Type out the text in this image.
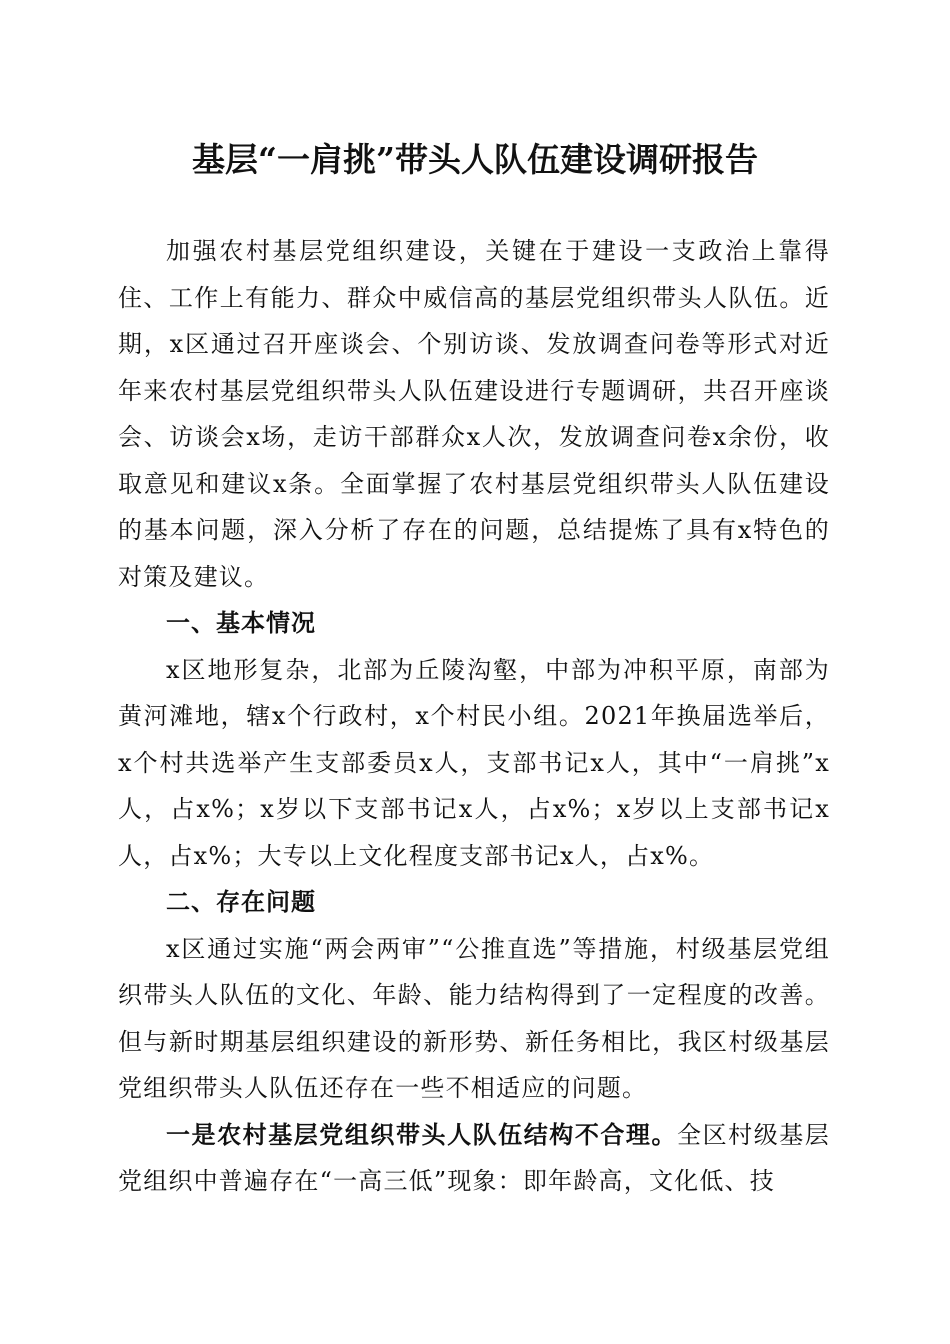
基层“一肩挑”带头人队伍建设调研报告

加强农村基层党组织建设，关键在于建设一支政治上靠得住、工作上有能力、群众中威信高的基层党组织带头人队伍。近期，x区通过召开座谈会、个别访谈、发放调查问卷等形式对近年来农村基层党组织带头人队伍建设进行专题调研，共召开座谈会、访谈会x场，走访干部群众x人次，发放调查问卷x余份，收取意见和建议x条。全面掌握了农村基层党组织带头人队伍建设的基本问题，深入分析了存在的问题，总结提炼了具有x特色的对策及建议。

一、基本情况

x区地形复杂，北部为丘陵沟壑，中部为冲积平原，南部为黄河滩地，辖x个行政村，x个村民小组。2021年换届选举后，x个村共选举产生支部委员x人，支部书记x人，其中“一肩挑”x人，占x%；x岁以下支部书记x人，占x%；x岁以上支部书记x人，占x%；大专以上文化程度支部书记x人，占x%。

二、存在问题

x区通过实施“两会两审”“公推直选”等措施，村级基层党组织带头人队伍的文化、年龄、能力结构得到了一定程度的改善。但与新时期基层组织建设的新形势、新任务相比，我区村级基层党组织带头人队伍还存在一些不相适应的问题。

一是农村基层党组织带头人队伍结构不合理。全区村级基层党组织中普遍存在“一高三低”现象：即年龄高，文化低、技
